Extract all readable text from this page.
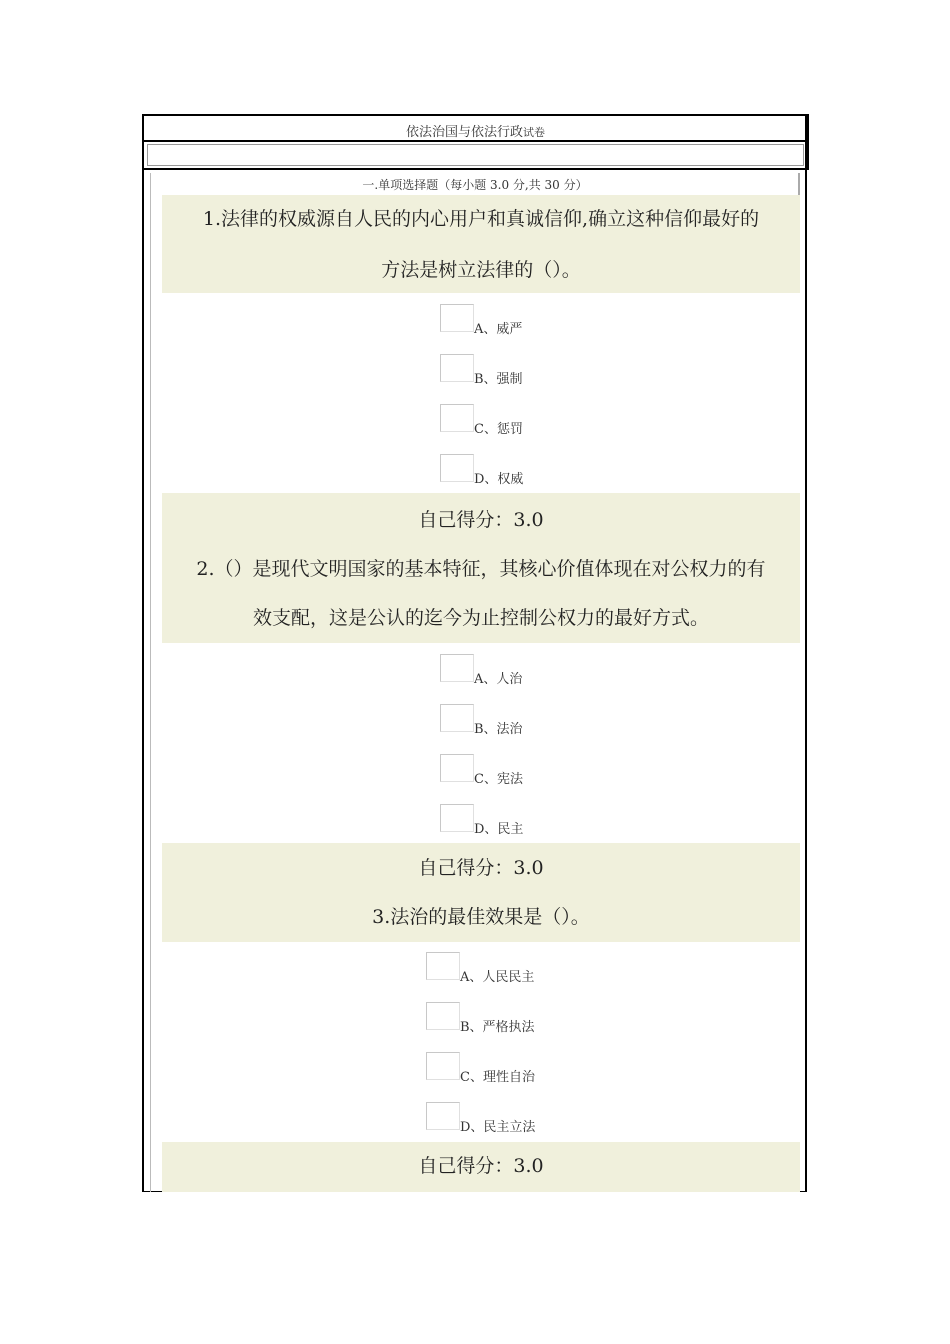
依法治国与依法行政试卷
一.单项选择题（每小题 3.0 分,共 30 分）

1.法律的权威源自人民的内心用户和真诚信仰,确立这种信仰最好的

方法是树立法律的（）。

A、威严
B、强制
C、惩罚
D、权威

自己得分：3.0

2.（）是现代文明国家的基本特征，其核心价值体现在对公权力的有

效支配，这是公认的迄今为止控制公权力的最好方式。

A、人治
B、法治
C、宪法
D、民主

自己得分：3.0

3.法治的最佳效果是（）。

A、人民民主
B、严格执法
C、理性自治
D、民主立法

自己得分：3.0
